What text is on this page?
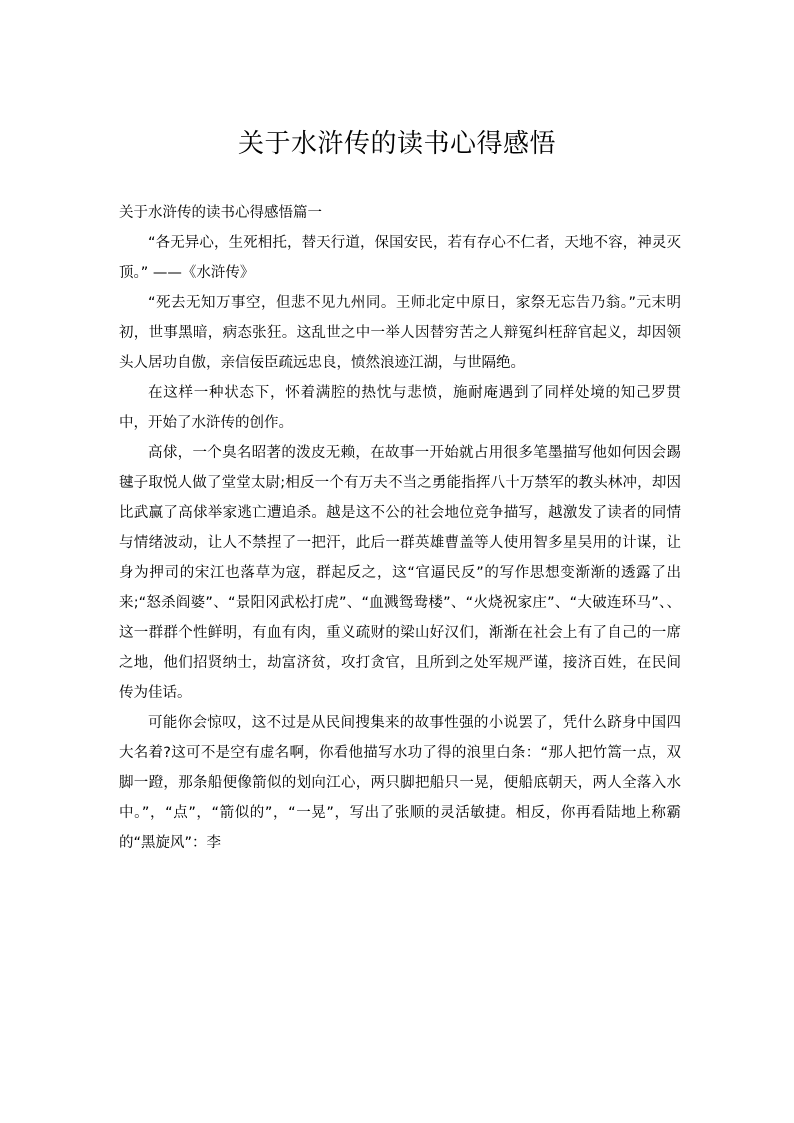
关于水浒传的读书心得感悟

关于水浒传的读书心得感悟篇一

“各无异心，生死相托，替天行道，保国安民，若有存心不仁者，天地不容，神灵灭顶。” ——《水浒传》

“死去无知万事空，但悲不见九州同。王师北定中原日，家祭无忘告乃翁。”元末明初，世事黑暗，病态张狂。这乱世之中一举人因替穷苦之人辩冤纠枉辞官起义，却因领头人居功自傲，亲信佞臣疏远忠良，愤然浪迹江湖，与世隔绝。

在这样一种状态下，怀着满腔的热忱与悲愤，施耐庵遇到了同样处境的知己罗贯中，开始了水浒传的创作。

高俅，一个臭名昭著的泼皮无赖，在故事一开始就占用很多笔墨描写他如何因会踢毽子取悦人做了堂堂太尉;相反一个有万夫不当之勇能指挥八十万禁军的教头林冲，却因比武赢了高俅举家逃亡遭追杀。越是这不公的社会地位竞争描写，越激发了读者的同情与情绪波动，让人不禁捏了一把汗，此后一群英雄曹盖等人使用智多星吴用的计谋，让身为押司的宋江也落草为寇，群起反之，这“官逼民反”的写作思想变渐渐的透露了出来;“怒杀阎婆”、“景阳冈武松打虎”、“血溅鸳鸯楼”、“火烧祝家庄”、“大破连环马”、、这一群群个性鲜明，有血有肉，重义疏财的梁山好汉们，渐渐在社会上有了自己的一席之地，他们招贤纳士，劫富济贫，攻打贪官，且所到之处军规严谨，接济百姓，在民间传为佳话。

可能你会惊叹，这不过是从民间搜集来的故事性强的小说罢了，凭什么跻身中国四大名着?这可不是空有虚名啊，你看他描写水功了得的浪里白条：“那人把竹篙一点，双脚一蹬，那条船便像箭似的划向江心，两只脚把船只一晃，便船底朝天，两人全落入水中。”，“点”，“箭似的”，“一晃”，写出了张顺的灵活敏捷。相反，你再看陆地上称霸的“黑旋风”：李
